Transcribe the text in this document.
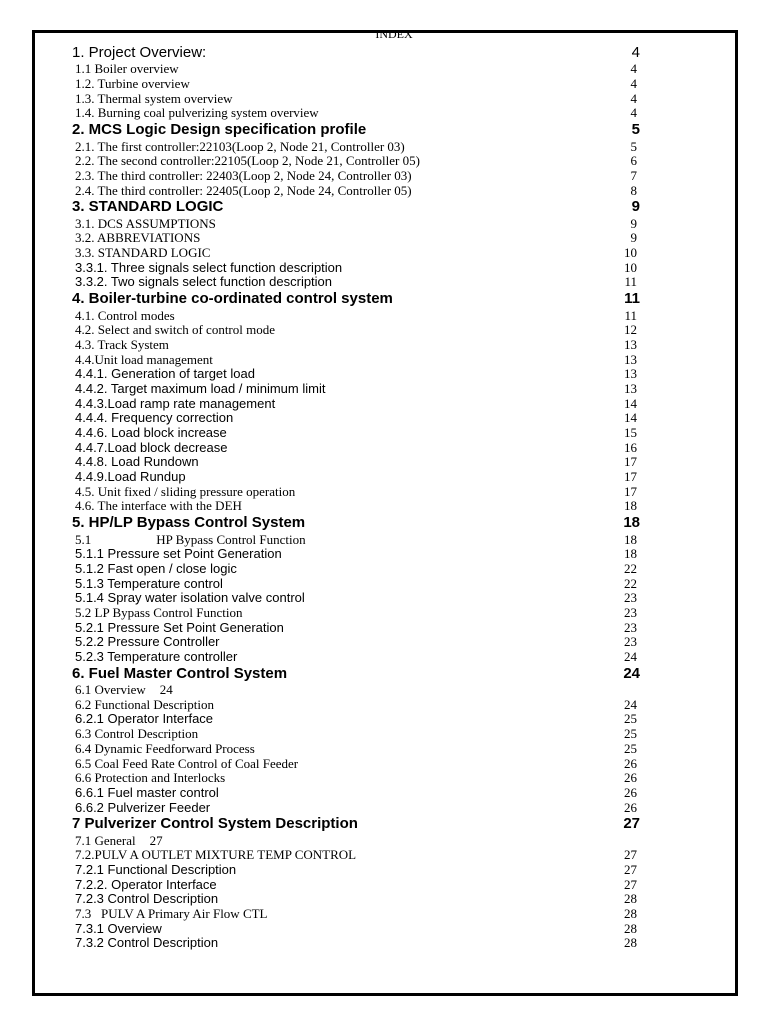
INDEX
1. Project Overview:	4
1.1 Boiler overview	4
1.2. Turbine overview	4
1.3. Thermal system overview	4
1.4. Burning coal pulverizing system overview	4
2. MCS Logic Design specification profile	5
2.1. The first controller:22103(Loop 2, Node 21, Controller 03)	5
2.2. The second controller:22105(Loop 2, Node 21, Controller 05)	6
2.3. The third controller: 22403(Loop 2, Node 24, Controller 03)	7
2.4. The third controller: 22405(Loop 2, Node 24, Controller 05)	8
3. STANDARD LOGIC	9
3.1. DCS ASSUMPTIONS	9
3.2. ABBREVIATIONS	9
3.3. STANDARD LOGIC	10
3.3.1. Three signals select function description	10
3.3.2. Two signals select function description	11
4. Boiler-turbine co-ordinated control system	11
4.1. Control modes	11
4.2. Select and switch of control mode	12
4.3. Track System	13
4.4.Unit load management	13
4.4.1. Generation of target load	13
4.4.2. Target maximum load / minimum limit	13
4.4.3.Load ramp rate management	14
4.4.4. Frequency correction	14
4.4.6. Load block increase	15
4.4.7.Load block decrease	16
4.4.8. Load Rundown	17
4.4.9.Load Rundup	17
4.5. Unit fixed / sliding pressure operation	17
4.6. The interface with the DEH	18
5. HP/LP Bypass Control System	18
5.1                    HP Bypass Control Function	18
5.1.1 Pressure set Point Generation	18
5.1.2 Fast open / close logic	22
5.1.3 Temperature control	22
5.1.4 Spray water isolation valve control	23
5.2 LP Bypass Control Function	23
5.2.1 Pressure Set Point Generation	23
5.2.2 Pressure Controller	23
5.2.3 Temperature controller	24
6. Fuel Master Control System	24
6.1 Overview 24
6.2 Functional Description	24
6.2.1 Operator Interface	25
6.3 Control Description	25
6.4 Dynamic Feedforward Process	25
6.5 Coal Feed Rate Control of Coal Feeder	26
6.6 Protection and Interlocks	26
6.6.1 Fuel master control	26
6.6.2 Pulverizer Feeder	26
7 Pulverizer Control System Description	27
7.1 General 27
7.2.PULV A OUTLET MIXTURE TEMP CONTROL	27
7.2.1 Functional Description	27
7.2.2. Operator Interface	27
7.2.3 Control Description	28
7.3   PULV A Primary Air Flow CTL	28
7.3.1 Overview	28
7.3.2 Control Description	28
